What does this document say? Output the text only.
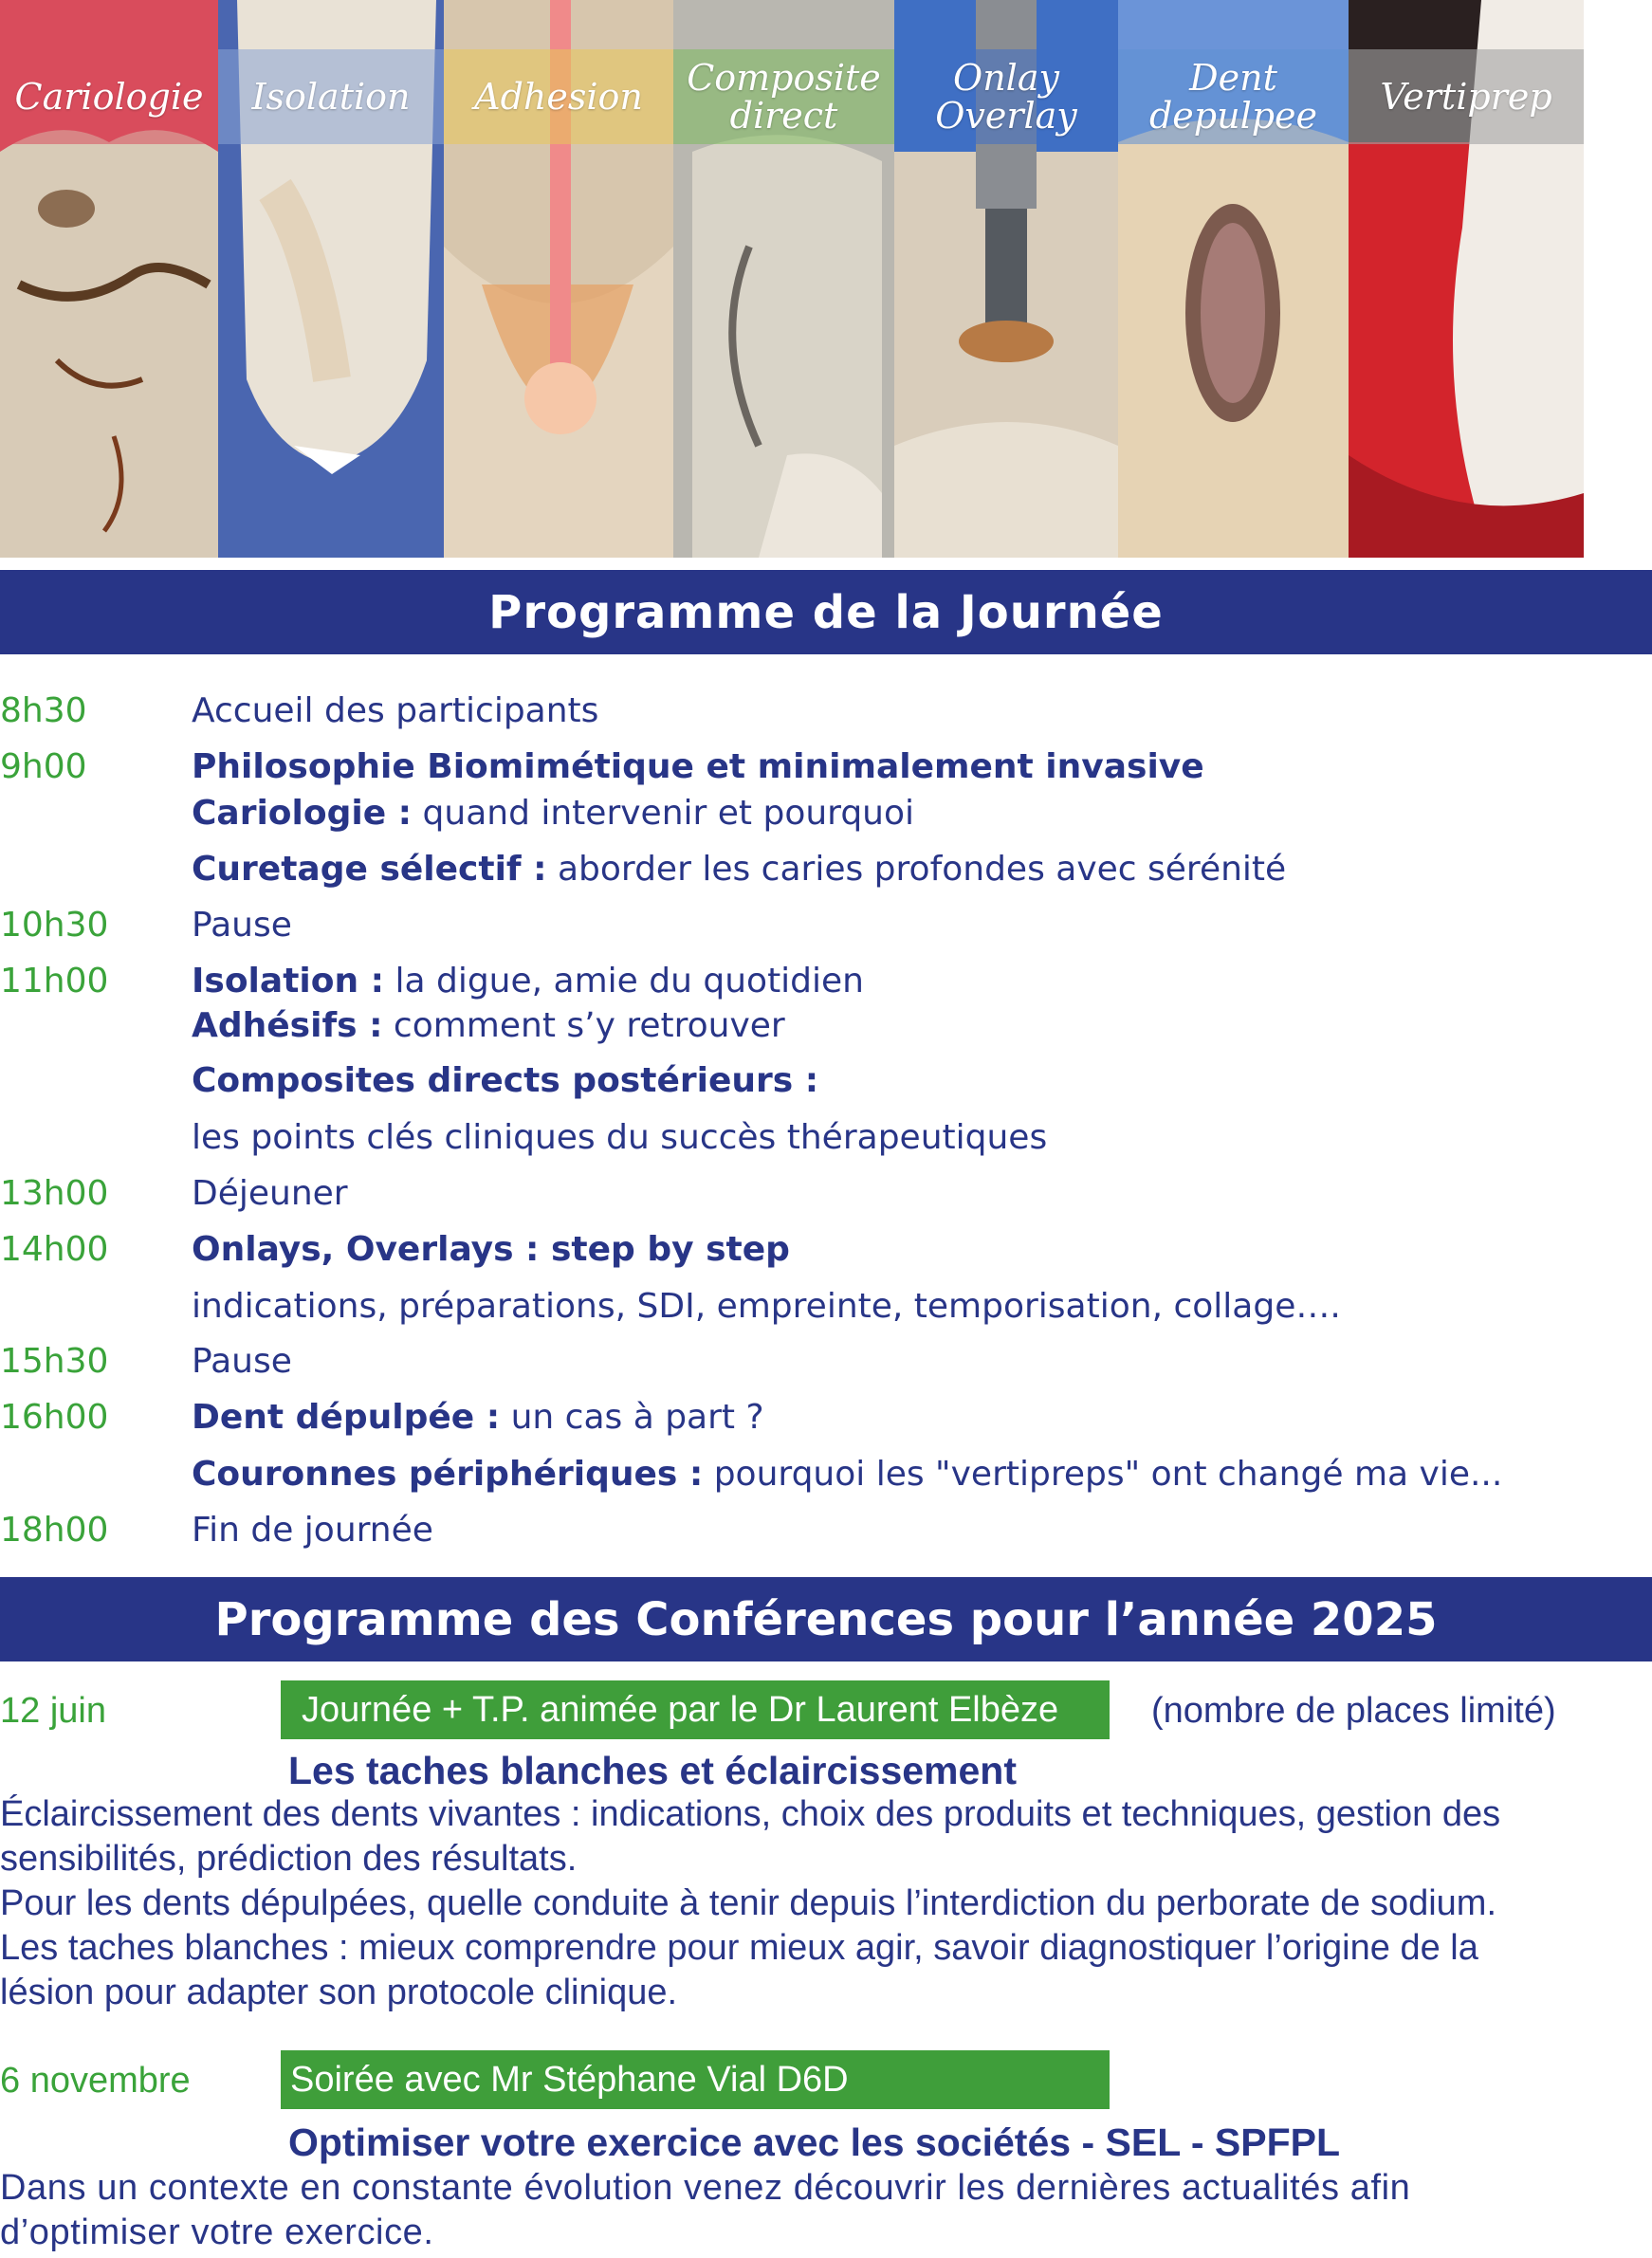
Cariologie	Isolation	Adhesion	Composite
direct
Onlay
Overlay
Dent
depulpee	Vertiprep
Programme de la Journée
8h30	Accueil des participants
9h00	Philosophie Biomimétique et minimalement invasive
Cariologie : quand intervenir et pourquoi
Curetage sélectif : aborder les caries profondes avec sérénité
10h30 Pause
11h00 Isolation : la digue, amie du quotidien
Adhésifs : comment s’y retrouver
Composites directs postérieurs :
les points clés cliniques du succès thérapeutiques
13h00 Déjeuner
14h00 Onlays, Overlays : step by step
indications, préparations, SDI, empreinte, temporisation, collage….
15h30 Pause
16h00 Dent dépulpée : un cas à part ?
Couronnes périphériques : pourquoi les "vertipreps" ont changé ma vie...
18h00 Fin de journée
Programme des Conférences pour l’année 2025
12 juin	Journée + T.P. animée par le Dr Laurent Elbèze	(nombre de places limité)
Les taches blanches et éclaircissement

Éclaircissement des dents vivantes : indications, choix des produits et techniques, gestion des sensibilités, prédiction des résultats.

Pour les dents dépulpées, quelle conduite à tenir depuis l’interdiction du perborate de sodium.

Les taches blanches : mieux comprendre pour mieux agir, savoir diagnostiquer l’origine de la lésion pour adapter son protocole clinique.

6 novembre	Soirée avec Mr Stéphane Vial D6D
Optimiser votre exercice avec les sociétés - SEL - SPFPL

Dans un contexte en constante évolution venez découvrir les dernières actualités afin d’optimiser votre exercice.
